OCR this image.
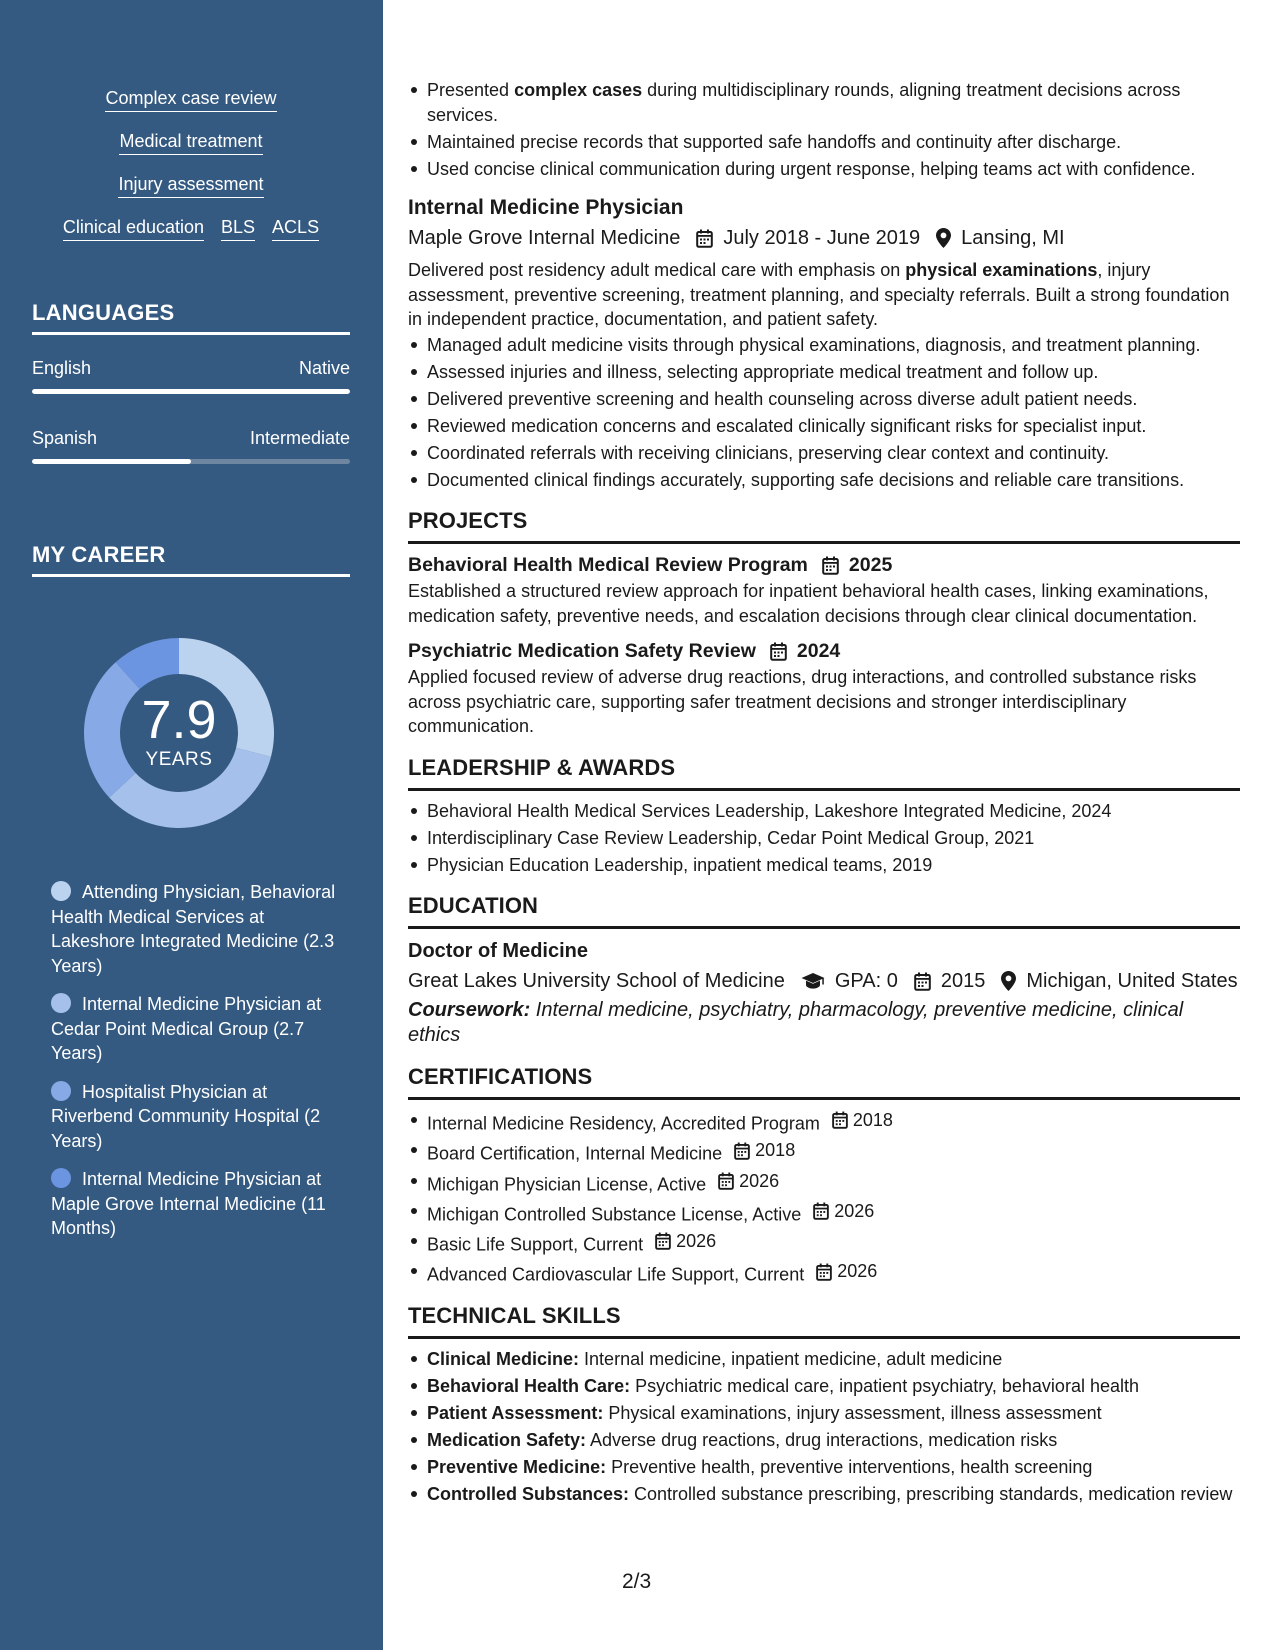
Complex case review
Medical treatment
Injury assessment
Clinical education BLS ACLS
LANGUAGES
English	Native
Spanish	Intermediate
MY CAREER
7.9
YEARS
Attending Physician, Behavioral Health Medical Services at Lakeshore Integrated Medicine (2.3 Years)
Internal Medicine Physician at Cedar Point Medical Group (2.7 Years)
Hospitalist Physician at Riverbend Community Hospital (2 Years)
Internal Medicine Physician at Maple Grove Internal Medicine (11 Months)
Presented complex cases during multidisciplinary rounds, aligning treatment decisions across services.
Maintained precise records that supported safe handoffs and continuity after discharge.
Used concise clinical communication during urgent response, helping teams act with confidence.
Internal Medicine Physician
Maple Grove Internal Medicine July 2018 - June 2019 Lansing, MI
Delivered post residency adult medical care with emphasis on physical examinations, injury assessment, preventive screening, treatment planning, and specialty referrals. Built a strong foundation in independent practice, documentation, and patient safety.
Managed adult medicine visits through physical examinations, diagnosis, and treatment planning.
Assessed injuries and illness, selecting appropriate medical treatment and follow up.
Delivered preventive screening and health counseling across diverse adult patient needs.
Reviewed medication concerns and escalated clinically significant risks for specialist input.
Coordinated referrals with receiving clinicians, preserving clear context and continuity.
Documented clinical findings accurately, supporting safe decisions and reliable care transitions.
PROJECTS
Behavioral Health Medical Review Program 2025
Established a structured review approach for inpatient behavioral health cases, linking examinations, medication safety, preventive needs, and escalation decisions through clear clinical documentation.
Psychiatric Medication Safety Review 2024
Applied focused review of adverse drug reactions, drug interactions, and controlled substance risks across psychiatric care, supporting safer treatment decisions and stronger interdisciplinary communication.
LEADERSHIP & AWARDS
Behavioral Health Medical Services Leadership, Lakeshore Integrated Medicine, 2024
Interdisciplinary Case Review Leadership, Cedar Point Medical Group, 2021
Physician Education Leadership, inpatient medical teams, 2019
EDUCATION
Doctor of Medicine
Great Lakes University School of Medicine	GPA: 0 2015 Michigan, United States
Coursework: Internal medicine, psychiatry, pharmacology, preventive medicine, clinical ethics
CERTIFICATIONS
Internal Medicine Residency, Accredited Program 2018
Board Certification, Internal Medicine 2018
Michigan Physician License, Active 2026
Michigan Controlled Substance License, Active 2026
Basic Life Support, Current 2026
Advanced Cardiovascular Life Support, Current 2026
TECHNICAL SKILLS
Clinical Medicine: Internal medicine, inpatient medicine, adult medicine
Behavioral Health Care: Psychiatric medical care, inpatient psychiatry, behavioral health
Patient Assessment: Physical examinations, injury assessment, illness assessment
Medication Safety: Adverse drug reactions, drug interactions, medication risks
Preventive Medicine: Preventive health, preventive interventions, health screening
Controlled Substances: Controlled substance prescribing, prescribing standards, medication review
2/3
